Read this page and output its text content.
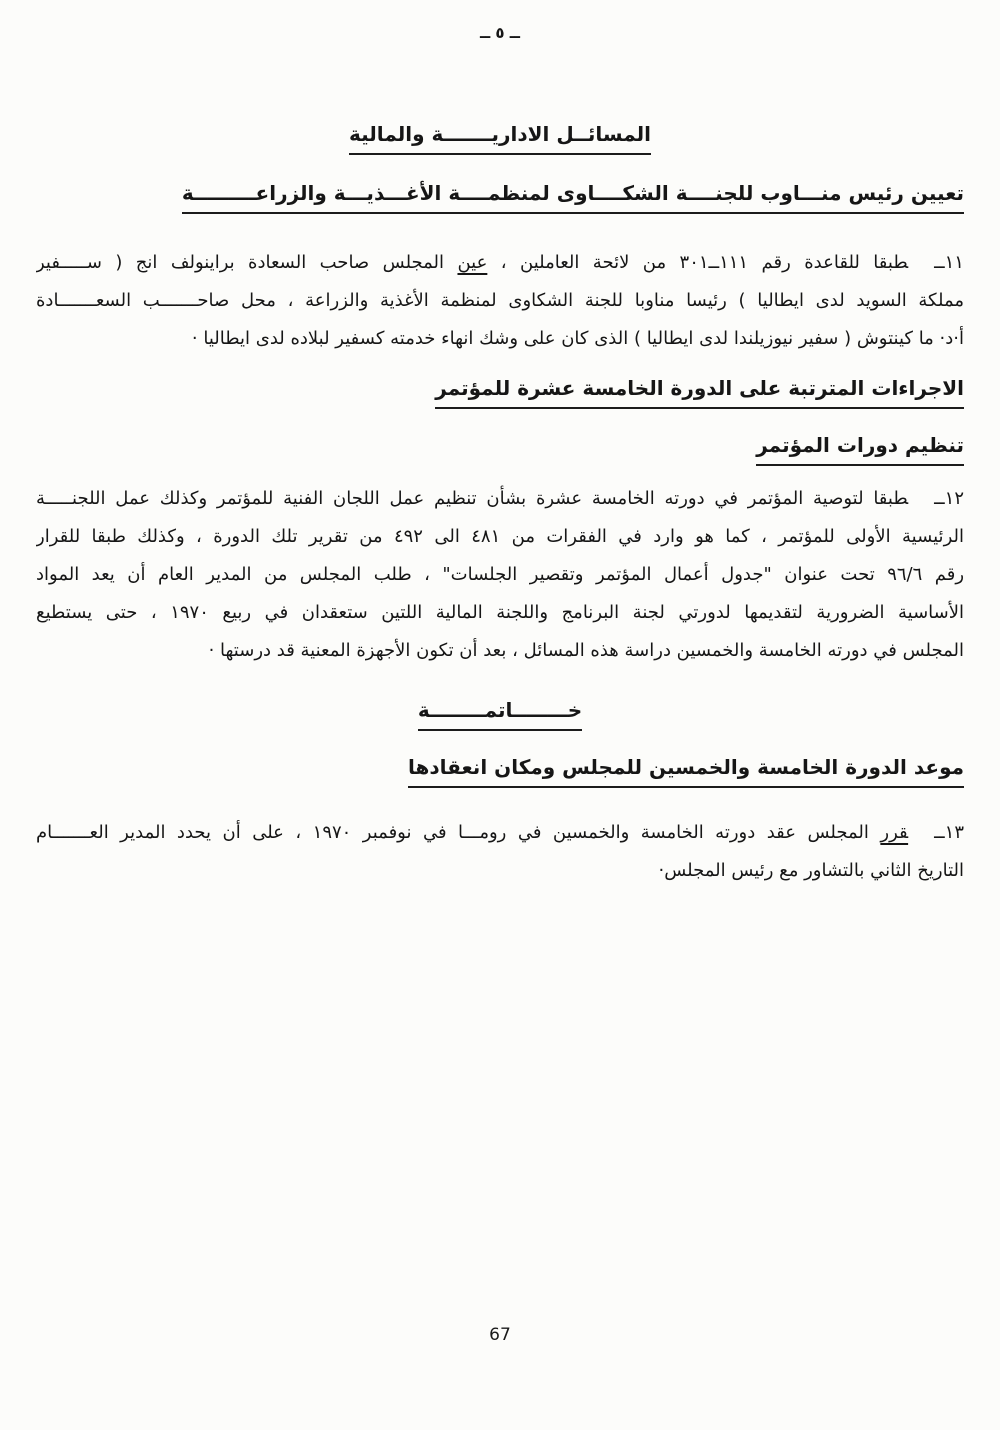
ــ ٥ ــ
المسائــل الاداريـــــــة والمالية
تعيين رئيس منـــاوب للجنــــة الشكــــاوى لمنظمــــة الأغـــذيـــة والزراعـــــــــة
١١ــطبقا للقاعدة رقم ٣٠١ــ١١١ من لائحة العاملين ، عين المجلس صاحب السعادة براينولف انج ( ســـــفير
مملكة السويد لدى ايطاليا ) رئيسا مناوبا للجنة الشكاوى لمنظمة الأغذية والزراعة ، محل صاحـــــــب السعـــــــادة
أ·د· ما كينتوش ( سفير نيوزيلندا لدى ايطاليا ) الذى كان على وشك انهاء خدمته كسفير لبلاده لدى ايطاليا ·
الاجراءات المترتبة على الدورة الخامسة عشرة للمؤتمر
تنظيم دورات المؤتمر
١٢ــطبقا لتوصية المؤتمر في دورته الخامسة عشرة بشأن تنظيم عمل اللجان الفنية للمؤتمر وكذلك عمل اللجنـــــة
الرئيسية الأولى للمؤتمر ، كما هو وارد في الفقرات من ٤٨١ الى ٤٩٢ من تقرير تلك الدورة ، وكذلك طبقا للقرار
رقم ٩٦/٦ تحت عنوان "جدول أعمال المؤتمر وتقصير الجلسات" ، طلب المجلس من المدير العام أن يعد المواد
الأساسية الضرورية لتقديمها لدورتي لجنة البرنامج واللجنة المالية اللتين ستعقدان في ربيع ١٩٧٠ ، حتى يستطيع
المجلس في دورته الخامسة والخمسين دراسة هذه المسائل ، بعد أن تكون الأجهزة المعنية قد درستها ·
خــــــــاتمــــــــة
موعد الدورة الخامسة والخمسين للمجلس ومكان انعقادها
١٣ــقرر المجلس عقد دورته الخامسة والخمسين في رومـــا في نوفمبر ١٩٧٠ ، على أن يحدد المدير العـــــــام
التاريخ الثاني بالتشاور مع رئيس المجلس·
67
